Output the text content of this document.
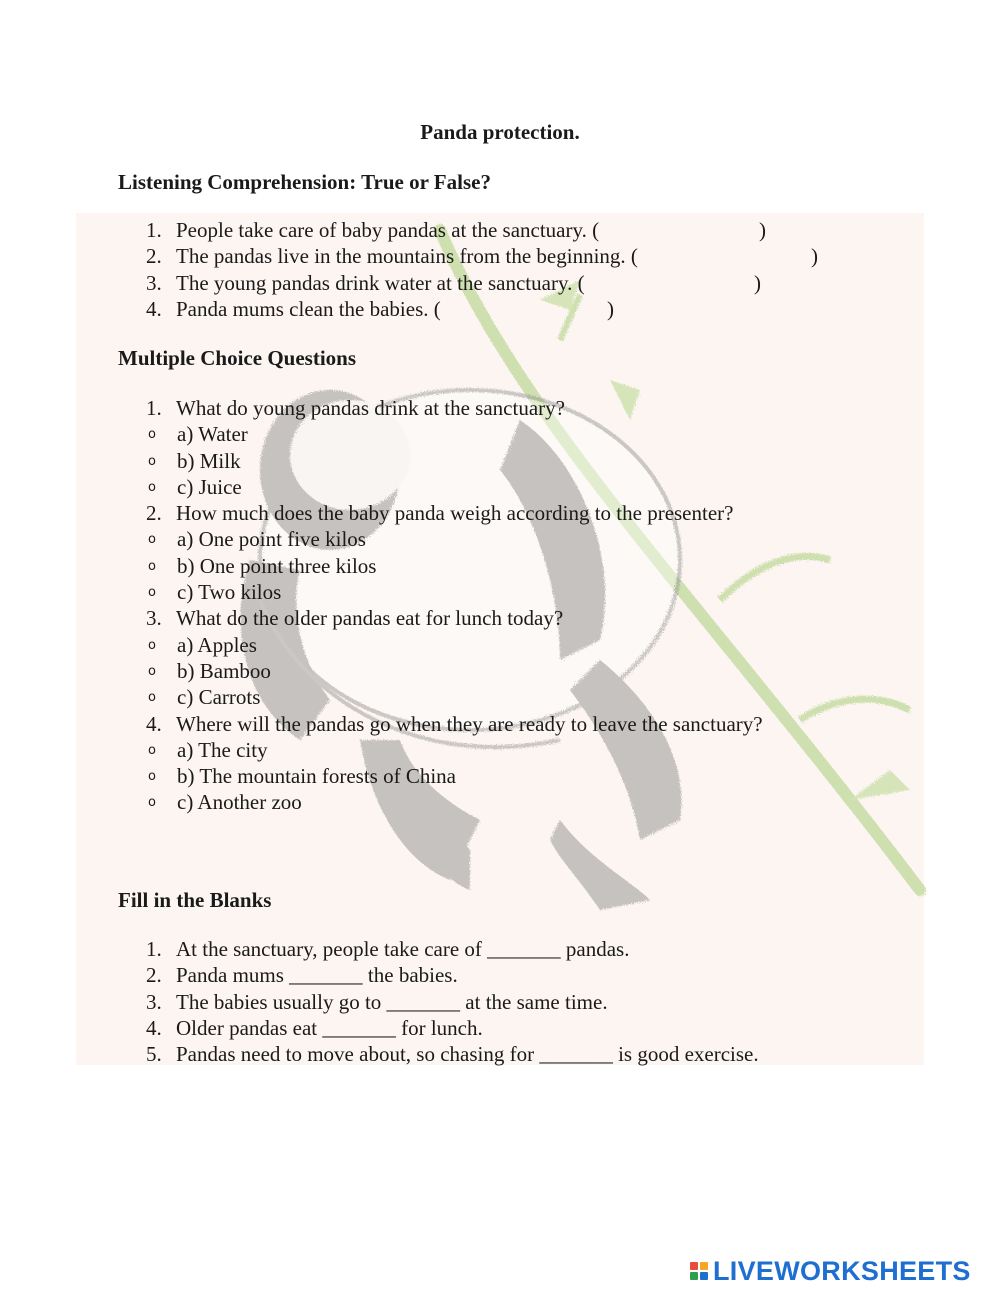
Panda protection.
Listening Comprehension: True or False?
1. People take care of baby pandas at the sanctuary. (	)
2. The pandas live in the mountains from the beginning. (	)
3. The young pandas drink water at the sanctuary. (	)
4. Panda mums clean the babies. (	)
Multiple Choice Questions
1. What do young pandas drink at the sanctuary?
o a) Water
o b) Milk
o c) Juice
2. How much does the baby panda weigh according to the presenter?
o a) One point five kilos
o b) One point three kilos
o c) Two kilos
3. What do the older pandas eat for lunch today?
o a) Apples
o b) Bamboo
o c) Carrots
4. Where will the pandas go when they are ready to leave the sanctuary?
o a) The city
o b) The mountain forests of China
o c) Another zoo
Fill in the Blanks
1. At the sanctuary, people take care of _______ pandas.
2. Panda mums _______ the babies.
3. The babies usually go to _______ at the same time.
4. Older pandas eat _______ for lunch.
5. Pandas need to move about, so chasing for _______ is good exercise.
LIVEWORKSHEETS
